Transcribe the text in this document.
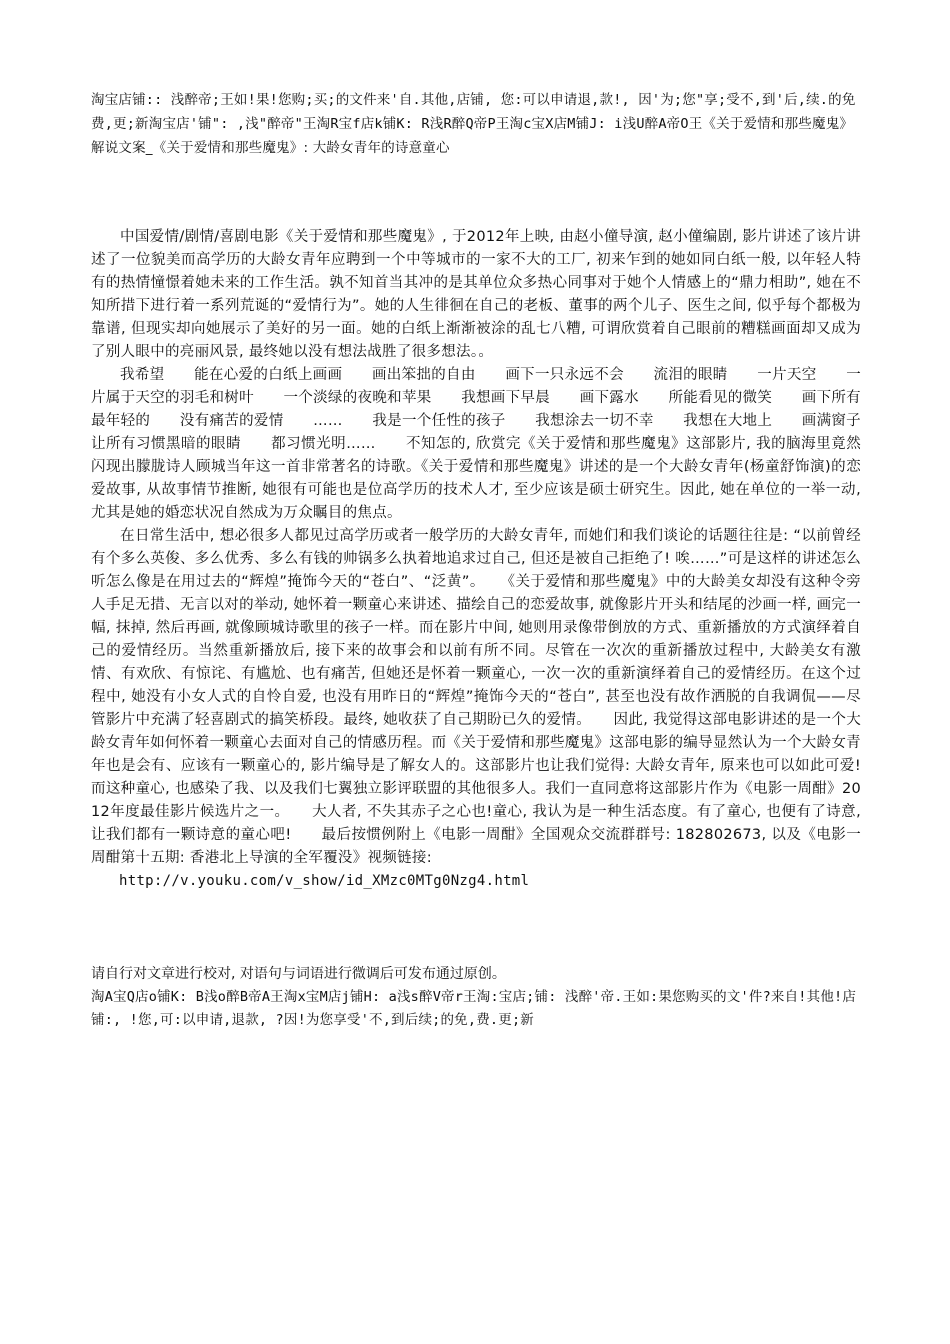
淘宝店铺:: 浅醉帝;王如!果!您购;买;的文件来'自.其他,店铺, 您:可以申请退,款!, 因'为;您"享;受不,到'后,续.的免费,更;新淘宝店'铺": ,浅"醉帝"王淘R宝f店k铺K: R浅R醉Q帝P王淘c宝X店M铺J: i浅U醉A帝O王《关于爱情和那些魔鬼》解说文案_《关于爱情和那些魔鬼》: 大龄女青年的诗意童心

中国爱情/剧情/喜剧电影《关于爱情和那些魔鬼》, 于2012年上映, 由赵小僮导演, 赵小僮编剧, 影片讲述了该片讲述了一位貌美而高学历的大龄女青年应聘到一个中等城市的一家不大的工厂, 初来乍到的她如同白纸一般, 以年轻人特有的热情憧憬着她未来的工作生活。孰不知首当其冲的是其单位众多热心同事对于她个人情感上的“鼎力相助”, 她在不知所措下进行着一系列荒诞的“爱情行为”。她的人生徘徊在自己的老板、董事的两个儿子、医生之间, 似乎每个都极为靠谱, 但现实却向她展示了美好的另一面。她的白纸上渐渐被涂的乱七八糟, 可谓欣赏着自己眼前的糟糕画面却又成为了别人眼中的亮丽风景, 最终她以没有想法战胜了很多想法。。

我希望　　能在心爱的白纸上画画　　画出笨拙的自由　　画下一只永远不会　　流泪的眼睛　　一片天空　　一片属于天空的羽毛和树叶　　一个淡绿的夜晚和苹果　　我想画下早晨　　画下露水　　所能看见的微笑　　画下所有最年轻的　　没有痛苦的爱情　　……　　我是一个任性的孩子　　我想涂去一切不幸　　我想在大地上　　画满窗子　　让所有习惯黑暗的眼睛　　都习惯光明……　　不知怎的, 欣赏完《关于爱情和那些魔鬼》这部影片, 我的脑海里竟然闪现出朦胧诗人顾城当年这一首非常著名的诗歌。《关于爱情和那些魔鬼》讲述的是一个大龄女青年(杨童舒饰演)的恋爱故事, 从故事情节推断, 她很有可能也是位高学历的技术人才, 至少应该是硕士研究生。因此, 她在单位的一举一动, 尤其是她的婚恋状况自然成为万众瞩目的焦点。

在日常生活中, 想必很多人都见过高学历或者一般学历的大龄女青年, 而她们和我们谈论的话题往往是: “以前曾经有个多么英俊、多么优秀、多么有钱的帅锅多么执着地追求过自己, 但还是被自己拒绝了! 唉……”可是这样的讲述怎么听怎么像是在用过去的“辉煌”掩饰今天的“苍白”、“泛黄”。　　《关于爱情和那些魔鬼》中的大龄美女却没有这种令旁人手足无措、无言以对的举动, 她怀着一颗童心来讲述、描绘自己的恋爱故事, 就像影片开头和结尾的沙画一样, 画完一幅, 抹掉, 然后再画, 就像顾城诗歌里的孩子一样。而在影片中间, 她则用录像带倒放的方式、重新播放的方式演绎着自己的爱情经历。当然重新播放后, 接下来的故事会和以前有所不同。尽管在一次次的重新播放过程中, 大龄美女有激情、有欢欣、有惊诧、有尴尬、也有痛苦, 但她还是怀着一颗童心, 一次一次的重新演绎着自己的爱情经历。在这个过程中, 她没有小女人式的自怜自爱, 也没有用昨日的“辉煌”掩饰今天的“苍白”, 甚至也没有故作洒脱的自我调侃——尽管影片中充满了轻喜剧式的搞笑桥段。最终, 她收获了自己期盼已久的爱情。　　因此, 我觉得这部电影讲述的是一个大龄女青年如何怀着一颗童心去面对自己的情感历程。而《关于爱情和那些魔鬼》这部电影的编导显然认为一个大龄女青年也是会有、应该有一颗童心的, 影片编导是了解女人的。这部影片也让我们觉得: 大龄女青年, 原来也可以如此可爱!而这种童心, 也感染了我、以及我们七翼独立影评联盟的其他很多人。我们一直同意将这部影片作为《电影一周酣》2012年度最佳影片候选片之一。　　大人者, 不失其赤子之心也!童心, 我认为是一种生活态度。有了童心, 也便有了诗意, 让我们都有一颗诗意的童心吧!　　最后按惯例附上《电影一周酣》全国观众交流群群号: 182802673, 以及《电影一周酣第十五期: 香港北上导演的全军覆没》视频链接:

http://v.youku.com/v_show/id_XMzc0MTg0Nzg4.html
请自行对文章进行校对, 对语句与词语进行微调后可发布通过原创。
淘A宝Q店o铺K: B浅o醉B帝A王淘x宝M店j铺H: a浅s醉V帝r王淘:宝店;铺: 浅醉'帝.王如:果您购买的文'件?来自!其他!店铺:, !您,可:以申请,退款, ?因!为您享受'不,到后续;的免,费.更;新
